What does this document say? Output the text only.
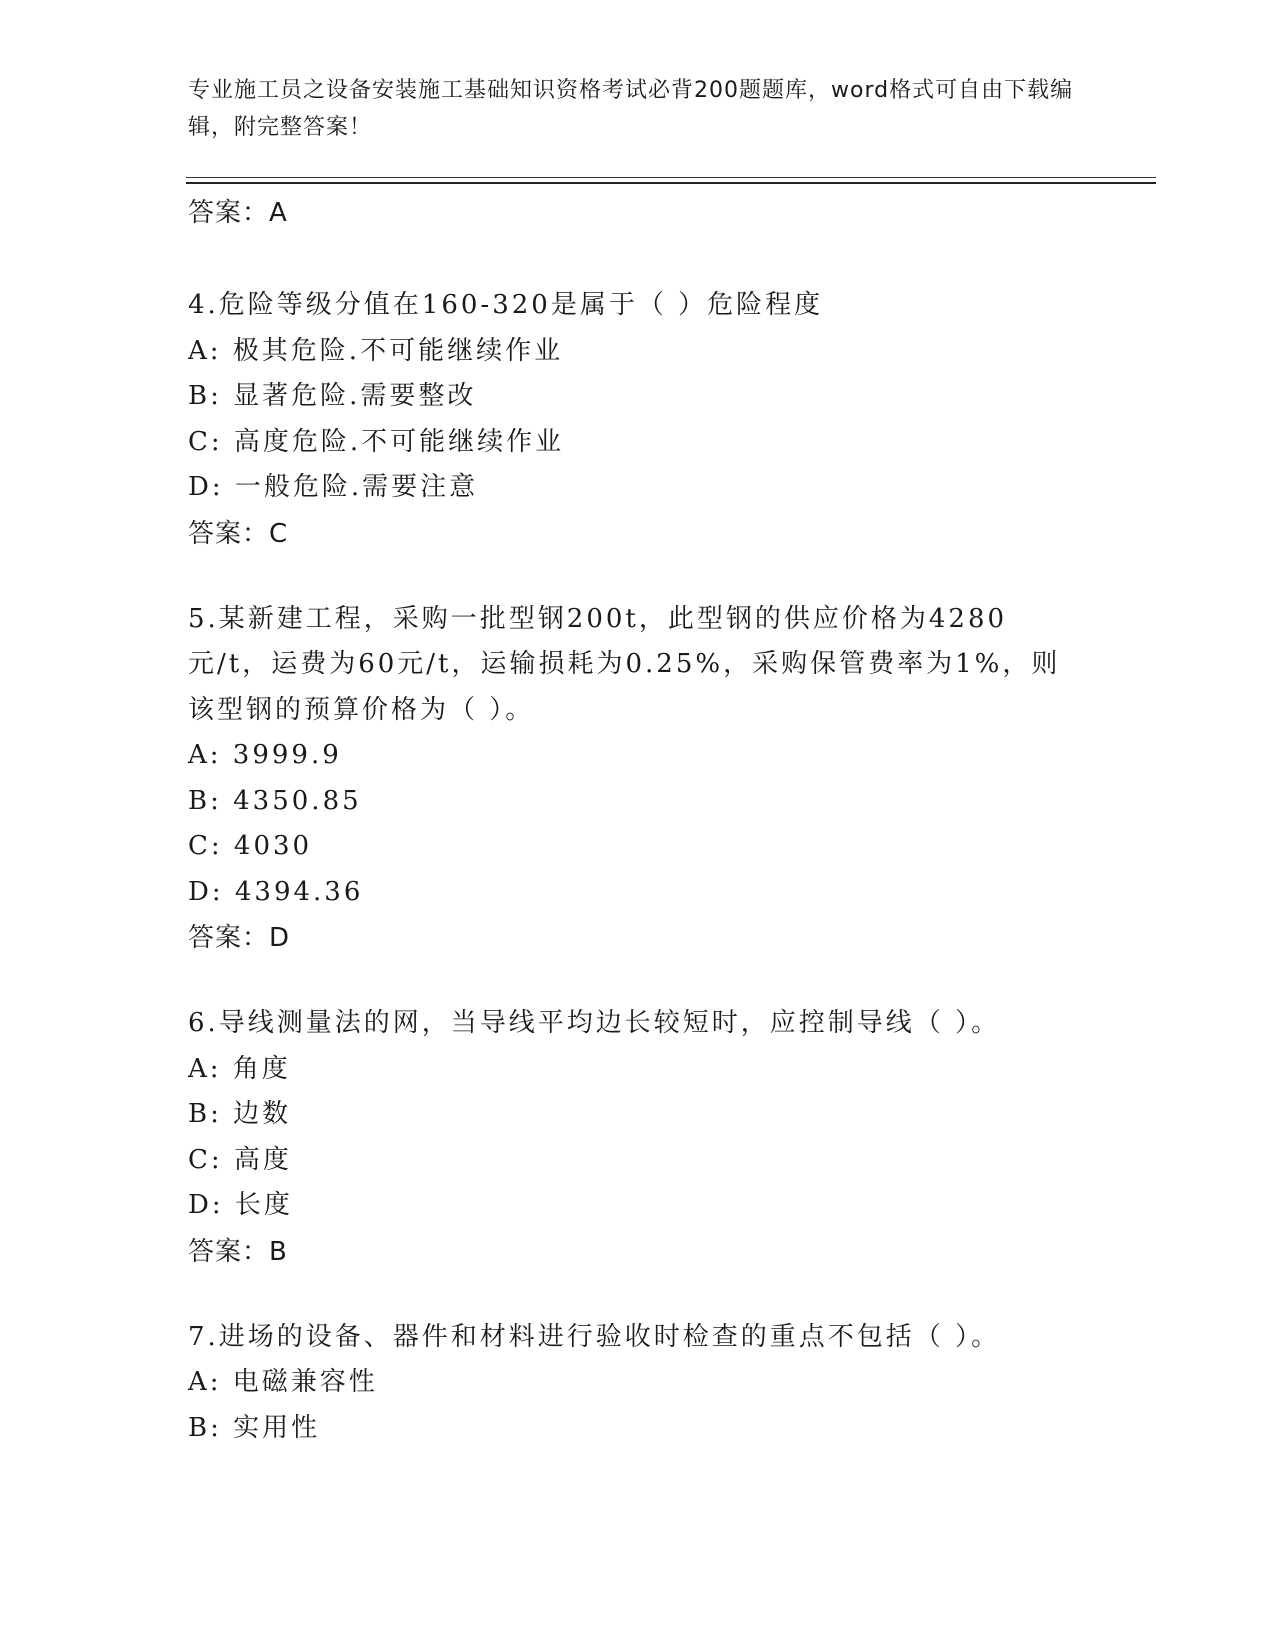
专业施工员之设备安装施工基础知识资格考试必背200题题库，word格式可自由下载编辑，附完整答案！
答案：A
4.危险等级分值在160-320是属于（ ）危险程度
A: 极其危险.不可能继续作业
B: 显著危险.需要整改
C: 高度危险.不可能继续作业
D: 一般危险.需要注意
答案：C
5.某新建工程，采购一批型钢200t，此型钢的供应价格为4280元/t，运费为60元/t，运输损耗为0.25%，采购保管费率为1%，则该型钢的预算价格为（ ）。
A: 3999.9
B: 4350.85
C: 4030
D: 4394.36
答案：D
6.导线测量法的网，当导线平均边长较短时，应控制导线（ ）。
A: 角度
B: 边数
C: 高度
D: 长度
答案：B
7.进场的设备、器件和材料进行验收时检查的重点不包括（ ）。
A: 电磁兼容性
B: 实用性
